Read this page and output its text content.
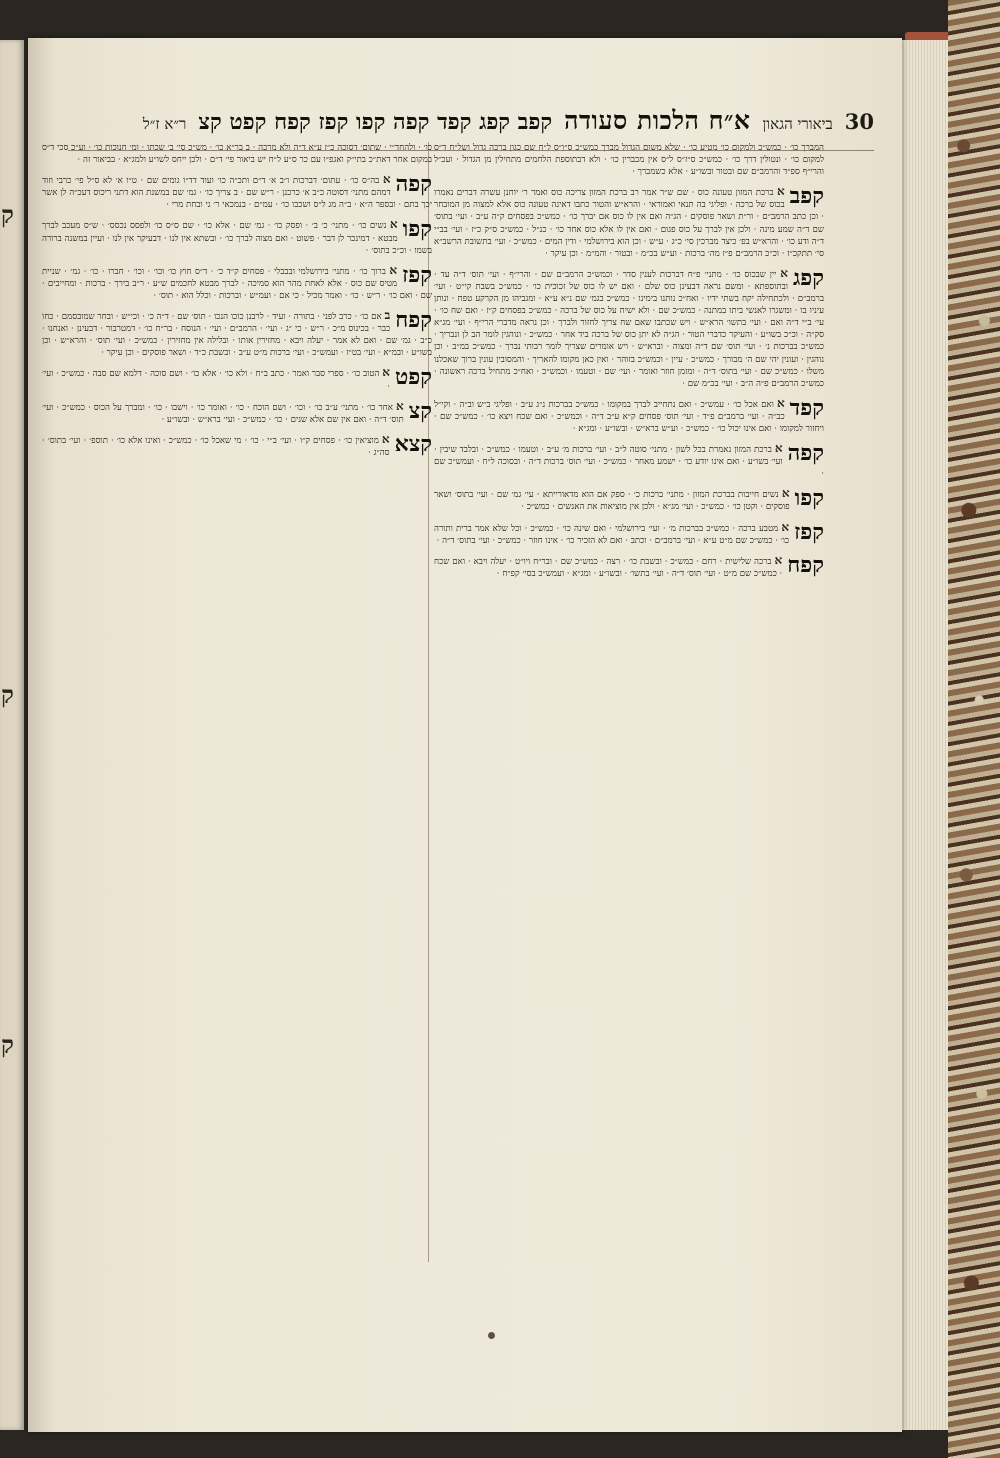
ק
ק
ק
30
ביאורי הגאון
א״ח הלכות סעודה
קפב קפג קפד קפה קפו קפז קפח קפט קצ
ר״א ז״ל

המברך כו׳ · כמש״כ ולמקום כו׳ מטיע כו׳ · שלא משום הגדול מברך כמש״כ ס״ו״ס ל״ח שם כגון ברכה גדול ושל״ח ד״ס למקום כו׳ · ונטולין דרך כו׳ · כמש״כ ס״ז״ס ל״ס אין מכברין כו׳ · ולא דבתוספת הלחמים מתחילין מן הגדול · ועכ״ל והרי״ף ספ״ד והרמב״ם שם ובטור ובשו״ע · אלא כשמברך ·

קפב

א ברכת המזון טעונה כוס · שם ש״ר אמר רב ברכת המזון צריכה כוס ואמר ר׳ יוחנן עשרה דברים נאמרו בכוס של ברכה · ופליגי בה תנאי ואמוראי · והרא״ש והטור כתבו דאינה טעונה כוס אלא למצוה מן המובחר · וכן כתב הרמב״ם · ור״ת ושאר פוסקים · הג״ה ואם אין לו כוס אם יברך כו׳ · כמש״כ בפסחים ק״ה ע״ב · ועי׳ בתוס׳ שם ד״ה שמע מינה · ולכן אין לברך על כוס פגום · ואם אין לו אלא כוס אחד כו׳ · כנ״ל · כמש״כ ס״ק כ״ז · ועי׳ בב״י ד״ה ודע כו׳ · והרא״ש בפ׳ כיצד מברכין סי׳ כ״ג · ע״ש · וכן הוא בירושלמי · ודין המים · כמש״כ · ועי׳ בתשובת הרשב״א סי׳ תתקכ״ז · וכ״כ הרמב״ם פ״ז מה׳ ברכות · וע״ש בכ״מ · ובטור · והמ״מ · וכן עיקר ·

קפג

א יין שבכוס כו׳ · מתני׳ פ״ח דברכות לענין סדר · וכמש״כ הרמב״ם שם · והרי״ף · ועי׳ תוס׳ ד״ה עד · ובתוספתא · ומשם נראה דבעינן כוס שלם · ואם יש לו כוס של זכוכית כו׳ · כמש״כ בשבת קי״ט · ועי׳ ברמב״ם · ולכתחילה יקח בשתי ידיו · ואח״כ נותנו בימינו · כמש״כ בגמ׳ שם נ״א ע״א · ומגביהו מן הקרקע טפח · ונותן עיניו בו · ומשגרו לאנשי ביתו במתנה · כמש״כ שם · ולא ישיח על כוס של ברכה · כמש״כ בפסחים ק״ז · ואם שח כו׳ · עי׳ ב״י ד״ה ואם · ועי׳ בתשו׳ הרא״ש · ויש שכתבו שאם שח צריך לחזור ולברך · וכן נראה מדברי הרי״ף · ועי׳ מג״א סק״ה · וכ״כ בשו״ע · והעיקר כדברי הטור · הג״ה לא יתן כוס של ברכה ביד אחר · כמש״כ · ונוהגין לומר הב לן ונבריך · כמש״כ בברכות נ׳ · ועי׳ תוס׳ שם ד״ה ומצוה · וברא״ש · ויש אומרים שצריך לומר רבותי נברך · כמש״כ במ״ב · וכן נוהגין · ועונין יהי שם ה׳ מבורך · כמש״כ · עיין · וכמש״כ בזוהר · ואין כאן מקומו להאריך · והמסובין עונין ברוך שאכלנו משלו · כמש״כ שם · ועי׳ בתוס׳ ד״ה · ומזמן חוזר ואומר · ועי׳ שם · וטעמו · וכמש״כ · ואח״כ מתחיל ברכה ראשונה · כמש״כ הרמב״ם פ״ה ה״ב · ועי׳ בכ״מ שם ·

קפד

א ואם אכל כו׳ · עמש״כ · ואם נתחייב לברך במקומו · כמש״כ בברכות נ״ג ע״ב · ופליגי ב״ש וב״ה · וקי״ל כב״ה · ועי׳ ברמב״ם פ״ד · ועי׳ תוס׳ פסחים ק״א ע״ב ד״ה · וכמש״כ · ואם שכח ויצא כו׳ · כמש״כ שם · ויחזור למקומו · ואם אינו יכול כו׳ · כמש״כ · וע״ש ברא״ש · ובשו״ע · ומג״א ·

קפה

א ברכת המזון נאמרת בכל לשון · מתני׳ סוטה ל״ב · ועי׳ ברכות מ׳ ע״ב · וטעמו · כמש״כ · ובלבד שיבין · ועי׳ בשו״ע · ואם אינו יודע כו׳ · ישמע מאחר · כמש״כ · ועי׳ תוס׳ ברכות ד״ה · ובסוכה ל״ח · ועמש״כ שם ·

קפו

א נשים חייבות בברכת המזון · מתני׳ ברכות כ׳ · ספק אם הוא מדאורייתא · עי׳ גמ׳ שם · ועי׳ בתוס׳ ושאר פוסקים · וקטן כו׳ · כמש״כ · ועי׳ מג״א · ולכן אין מוציאות את האנשים · כמש״כ ·

קפז

א מטבע ברכה · כמש״כ בברכות מ׳ · ועי׳ בירושלמי · ואם שינה כו׳ · כמש״כ · וכל שלא אמר ברית ותורה כו׳ · כמש״כ שם מ״ט ע״א · ועי׳ ברמב״ם · וכתב · ואם לא הזכיר כו׳ · אינו חוזר · כמש״כ · ועי׳ בתוס׳ ד״ה ·

קפח

א ברכה שלישית · רחם · כמש״כ · ובשבת כו׳ · רצה · כמש״כ שם · ובר״ח ויו״ט · יעלה ויבא · ואם שכח · כמש״כ שם מ״ט · ועי׳ תוס׳ ד״ה · ועי׳ בתשו׳ · ובשו״ע · ומג״א · ועמש״כ בסי׳ קפ״ח ·

כו׳ · ולהחד״י · שתום׳ דסוכה כ״ז ע״א ד״ה ולא מרכה · ב בר״א כו׳ · מש״כ סי׳ ב׳ שכתו · ומ׳ חנוכות כו׳ · וע״כ סכי ד״ס במקום אחר דאת״כ בתי״ק ואגפ״ו עם כר ס״ע ל״ח יש ביאור פי׳ ד״ם · ולכן ייחס לשו״ע ולמג״א · בביאור זה ·

קפה

א בה״ס כו׳ · עתום׳ דברכות ו״ב א׳ ד״ם ותכ״ה כו׳ ועוד דד״ו גומים שם · ט״ו א׳ לא ס״ל פי׳ כרבי וזוד דמהם מתני׳ דסוטה כ״ב א׳ כרכנן · ר״ש שם · ב צריך כו׳ · גמ׳ שם במשנת הוא דתני ריכוס דעכ״ה לן אשר יכך בתם · ובספר ה״א · ב״ה מג ל״ס ושכבו כו׳ · עמ״ם · בנמכאי ר׳ גי ובחת מרי ·

קפו

א נשים כו׳ · מתני׳ כ׳ ב׳ · ופסק כו׳ · גמ׳ שם · אלא כו׳ · שם ס״ס כו׳ ולפסס נכסס׳ · ש״ס מעכב לברך מבטא · דמינכר לן דבר · פשוט · ואם מצוה לברך כו׳ · ובשתא אין לנו · דבעיקר אין לנו · ועיין במשנה ברורה בשמו · וכ״כ בתוס׳ ·

קפז

א ברוך כו׳ · מתני׳ בירושלמי ובבבלי · פסחים ק״ד כ׳ · ד״ס חוץ כו׳ וכו׳ · וכו׳ · חברו · כו׳ · גמ׳ · שניית מטיס שם כוס · אלא לאחת מהר הוא סמיכה · לברך מבטא לחכמים ש״ע · ר״ב בירך · ברכות · ומחייבים · שם · ואם כו׳ · ר״ש · כו׳ · ואמר מכיל · כי אם · ועמ״ש · וברכות · וכלל הוא · תוס׳ ·

קפח

ב אם כו׳ · כרב לפני · בתורה · ועיד · לרבנן כוכו הנכו · תוס׳ שם · ד״ה כ׳ · וכי״ש · ובחר שמובסמם · כחו כבר · בכינוס מ״כ · ר״ש · כי ״ג · ועי׳ · הרמב״ם · ועי׳ · הנוסח · בר״ח כו׳ · דמטרבור · דבעינן · ואנחנו · כ״ב · גמ׳ שם · ואם לא אמר · יעלה ויבא · מחזירין אותו · ובלילה אין מחזירין · כמש״כ · ועי׳ תוס׳ · והרא״ש · וכן בשו״ע · ובמ״א · ועי׳ בט״ז · ועמש״כ · ועי׳ ברכות מ״ט ע״ב · ובשבת כ״ד · ושאר פוסקים · וכן עיקר ·

קפט

א הטוב כו׳ · ספרי סבר ואמר · כתב ב״ח · ולא כו׳ · אלא כו׳ · ושם סוכה · דלמא שם סבה · כמש״כ · ועי׳ ·

קצ

א אחר כו׳ · מתני׳ ע״ב כו׳ · וכו׳ · ושם הוכח · כו׳ · ואומר כו׳ · וישבו · כו׳ · ומברך על הכוס · כמש״כ · ועי׳ תוס׳ ד״ה · ואם אין שם אלא שנים · כו׳ · כמש״כ · ועי׳ ברא״ש · ובשו״ע ·

קצא

א מוציאין כו׳ · פסחים ק״ו · ועי׳ ב״י · כו׳ · מי שאכל כו׳ · כמש״כ · ואינו אלא כו׳ · תוספ׳ · ועי׳ בתוס׳ · סה״ג ·
